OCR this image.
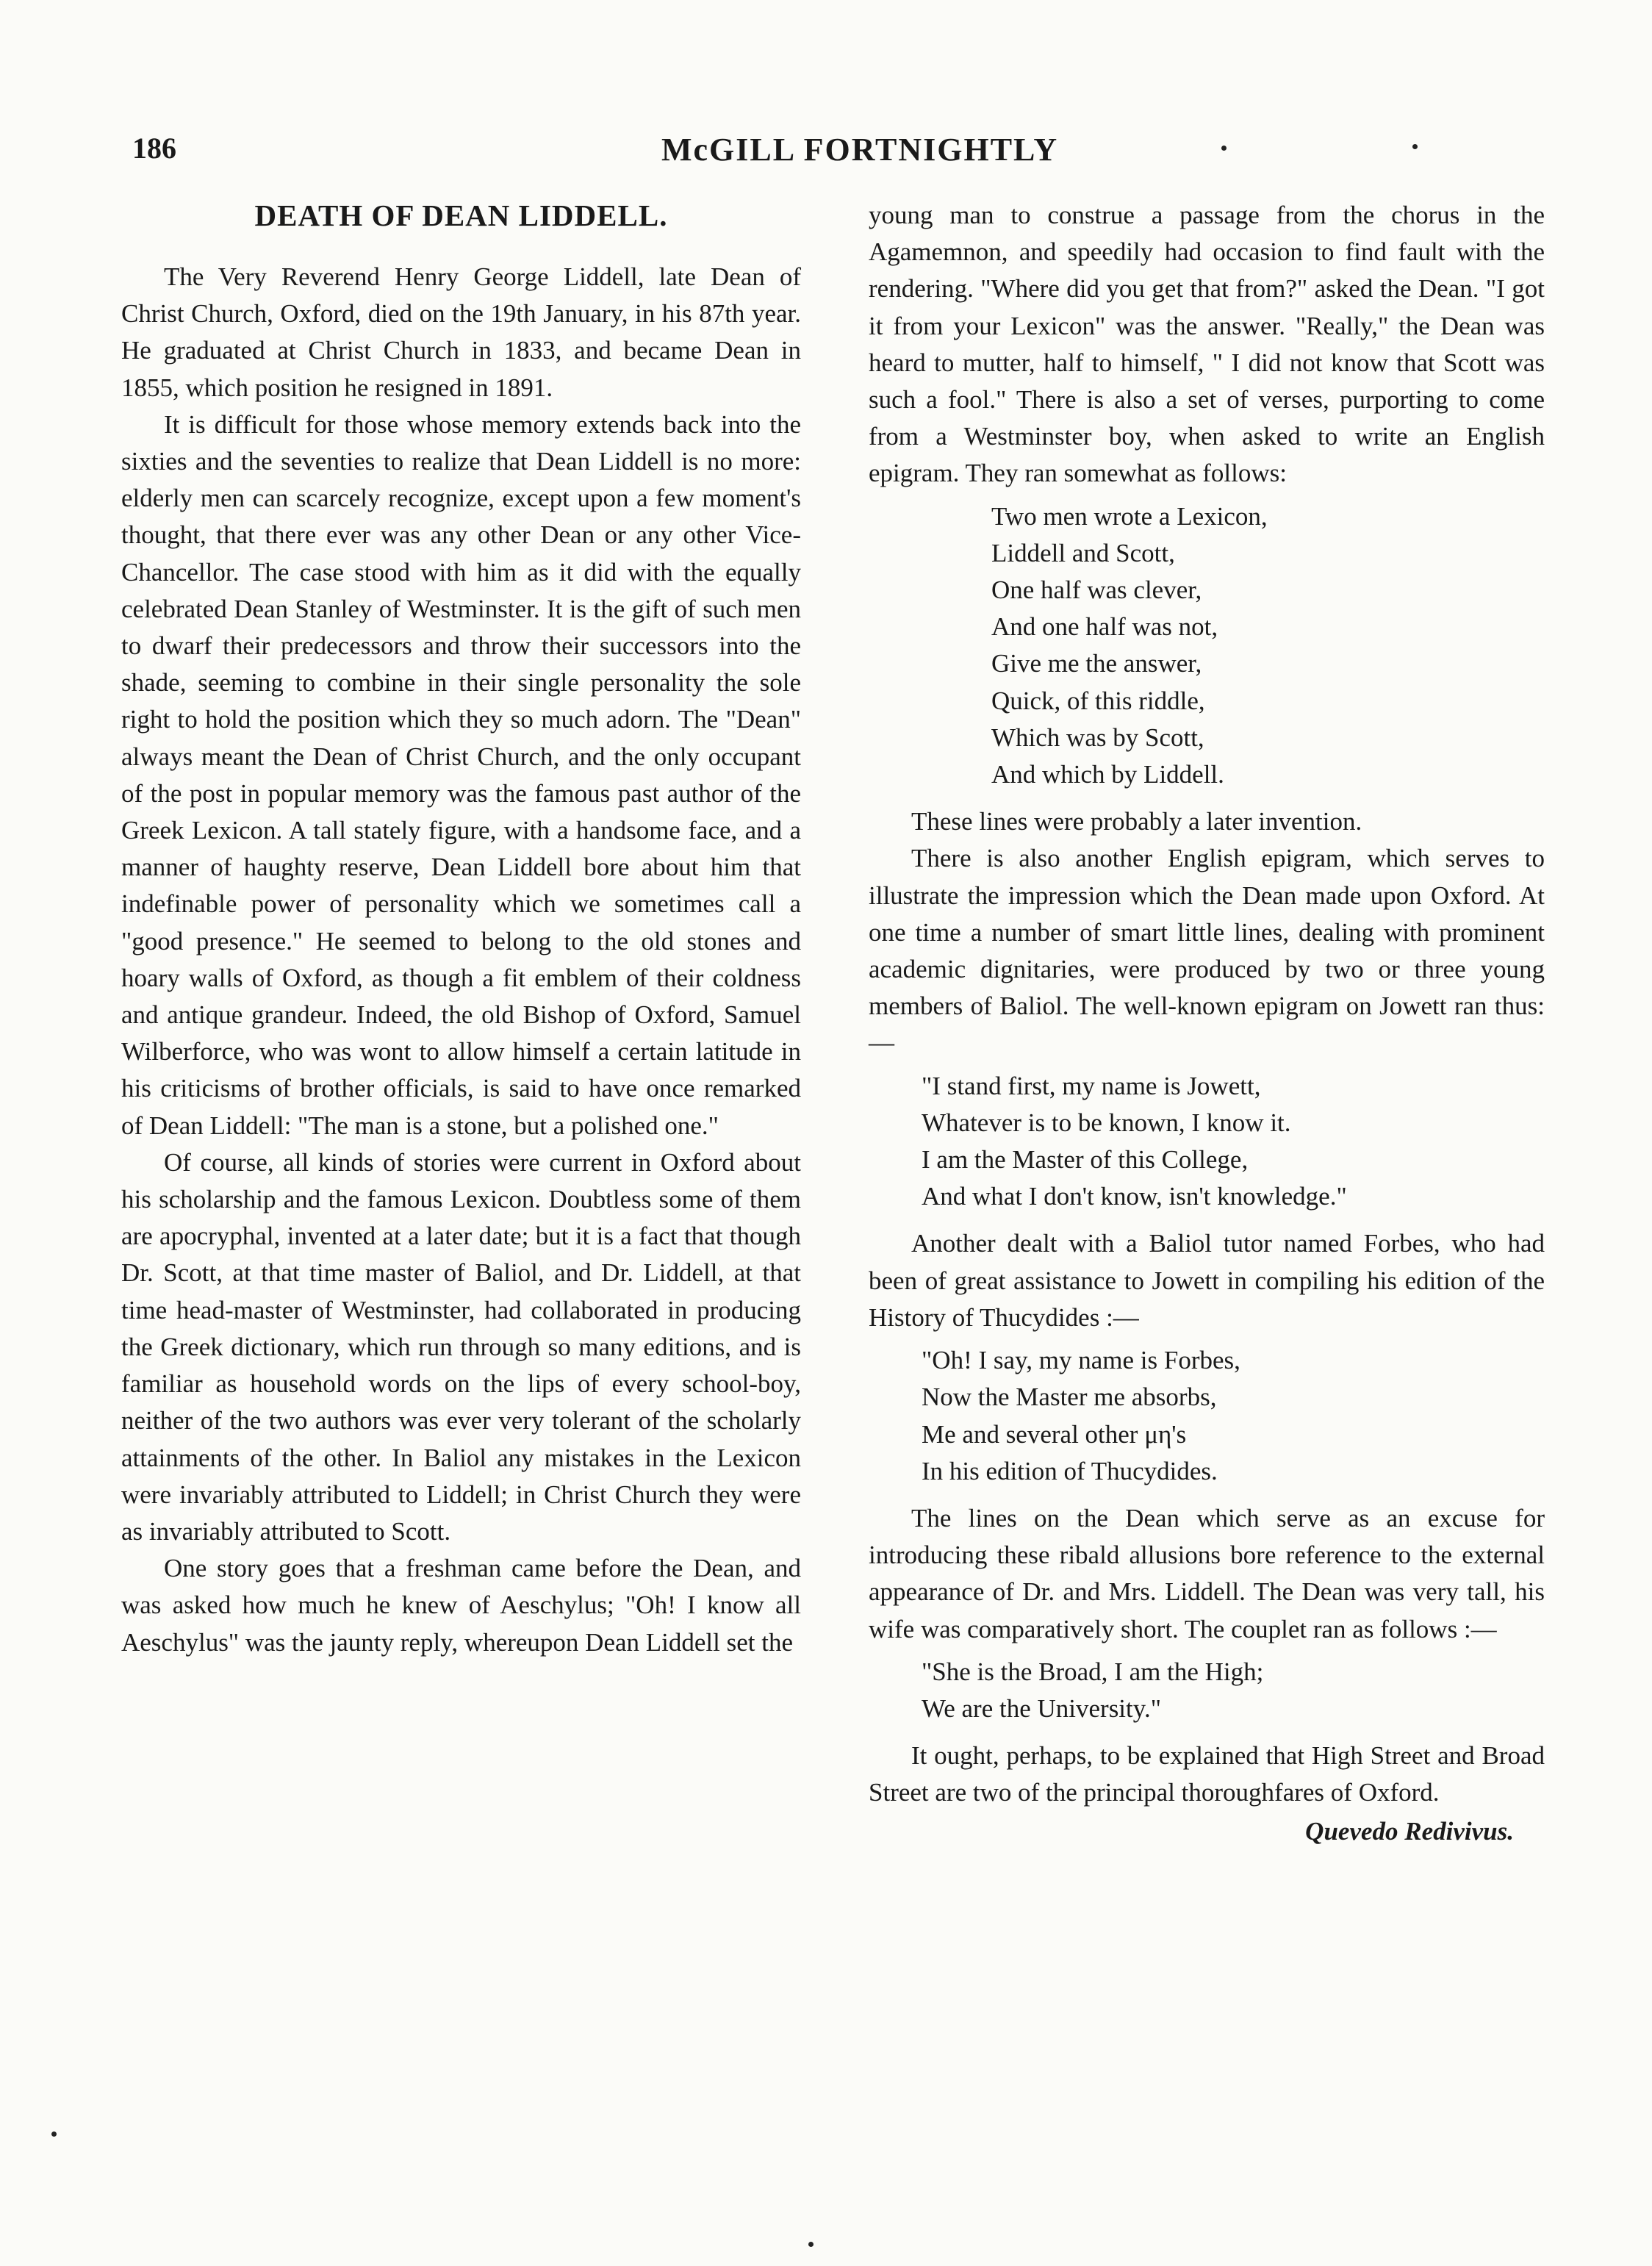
186	McGILL FORTNIGHTLY
DEATH OF DEAN LIDDELL.

The Very Reverend Henry George Liddell, late Dean of Christ Church, Oxford, died on the 19th January, in his 87th year. He graduated at Christ Church in 1833, and became Dean in 1855, which position he resigned in 1891.

It is difficult for those whose memory extends back into the sixties and the seventies to realize that Dean Liddell is no more: elderly men can scarcely recognize, except upon a few moment's thought, that there ever was any other Dean or any other Vice-Chancellor. The case stood with him as it did with the equally celebrated Dean Stanley of Westminster. It is the gift of such men to dwarf their predecessors and throw their successors into the shade, seeming to combine in their single personality the sole right to hold the position which they so much adorn. The "Dean" always meant the Dean of Christ Church, and the only occupant of the post in popular memory was the famous past author of the Greek Lexicon. A tall stately figure, with a handsome face, and a manner of haughty reserve, Dean Liddell bore about him that indefinable power of personality which we sometimes call a "good presence." He seemed to belong to the old stones and hoary walls of Oxford, as though a fit emblem of their coldness and antique grandeur. Indeed, the old Bishop of Oxford, Samuel Wilberforce, who was wont to allow himself a certain latitude in his criticisms of brother officials, is said to have once remarked of Dean Liddell: "The man is a stone, but a polished one."

Of course, all kinds of stories were current in Oxford about his scholarship and the famous Lexicon. Doubtless some of them are apocryphal, invented at a later date; but it is a fact that though Dr. Scott, at that time master of Baliol, and Dr. Liddell, at that time head-master of Westminster, had collaborated in producing the Greek dictionary, which run through so many editions, and is familiar as household words on the lips of every school-boy, neither of the two authors was ever very tolerant of the scholarly attainments of the other. In Baliol any mistakes in the Lexicon were invariably attributed to Liddell; in Christ Church they were as invariably attributed to Scott.

One story goes that a freshman came before the Dean, and was asked how much he knew of Aeschylus; "Oh! I know all Aeschylus" was the jaunty reply, whereupon Dean Liddell set the

young man to construe a passage from the chorus in the Agamemnon, and speedily had occasion to find fault with the rendering. "Where did you get that from?" asked the Dean. "I got it from your Lexicon" was the answer. "Really," the Dean was heard to mutter, half to himself, " I did not know that Scott was such a fool." There is also a set of verses, purporting to come from a Westminster boy, when asked to write an English epigram. They ran somewhat as follows:

Two men wrote a Lexicon,
Liddell and Scott,
One half was clever,
And one half was not,
Give me the answer,
Quick, of this riddle,
Which was by Scott,
And which by Liddell.

These lines were probably a later invention.

There is also another English epigram, which serves to illustrate the impression which the Dean made upon Oxford. At one time a number of smart little lines, dealing with prominent academic dignitaries, were produced by two or three young members of Baliol. The well-known epigram on Jowett ran thus:—

"I stand first, my name is Jowett,
Whatever is to be known, I know it.
I am the Master of this College,
And what I don't know, isn't knowledge."

Another dealt with a Baliol tutor named Forbes, who had been of great assistance to Jowett in compiling his edition of the History of Thucydides :—

"Oh! I say, my name is Forbes,
Now the Master me absorbs,
Me and several other μη's
In his edition of Thucydides.

The lines on the Dean which serve as an excuse for introducing these ribald allusions bore reference to the external appearance of Dr. and Mrs. Liddell. The Dean was very tall, his wife was comparatively short. The couplet ran as follows :—

"She is the Broad, I am the High;
We are the University."

It ought, perhaps, to be explained that High Street and Broad Street are two of the principal thoroughfares of Oxford.

Quevedo Redivivus.
